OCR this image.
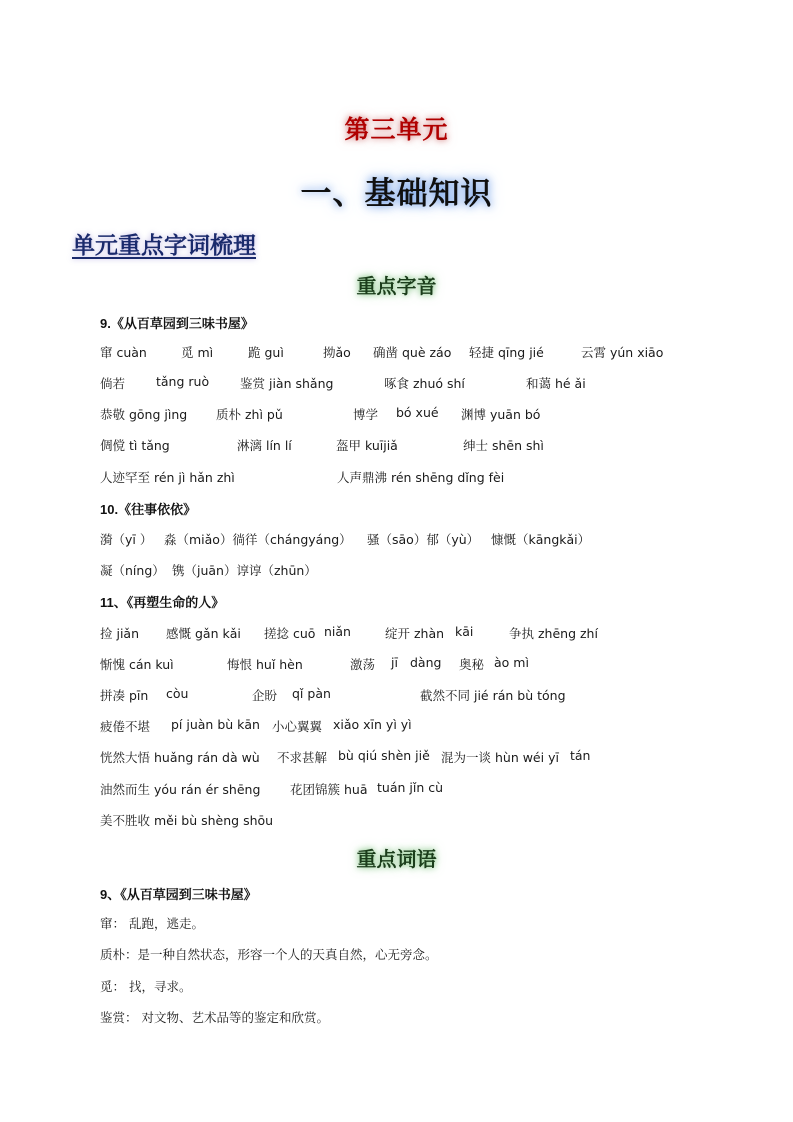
第三单元
一、基础知识
单元重点字词梳理
重点字音
9.《从百草园到三味书屋》
窜 cuàn	觅 mì	跪 guì	拗ǎo 确凿 què záo 轻捷 qīng jié	云霄 yún xiāo
倘若 tǎng ruò 鉴赏 jiàn shǎng	啄食 zhuó shí	和蔼 hé ǎi
恭敬 gōng jìng 质朴 zhì pǔ	博学 bó xué 渊博 yuān bó
倜傥 tì tǎng	淋漓 lín lí	盔甲 kuījiǎ	绅士 shēn shì
人迹罕至 rén jì hǎn zhì	人声鼎沸 rén shēng dǐng fèi
10.《往事依依》
漪（yī ） 淼（miǎo）徜徉（chángyáng） 骚（sāo）郁（yù） 慷慨（kāngkǎi）
凝（níng） 镌（juān）谆谆（zhūn）
11、《再塑生命的人》
捡 jiǎn 感慨 gǎn kǎi 搓捻 cuō niǎn	绽开 zhàn kāi	争执 zhēng zhí
惭愧 cán kuì	悔恨 huǐ hèn	激荡 jī dàng 奥秘 ào mì
拼凑 pīn còu	企盼 qǐ pàn	截然不同 jié rán bù tóng
疲倦不堪 pí juàn bù kān 小心翼翼 xiǎo xīn yì yì
恍然大悟 huǎng rán dà wù 不求甚解 bù qiú shèn jiě 混为一谈 hùn wéi yī tán
油然而生 yóu rán ér shēng 花团锦簇 huā tuán jǐn cù
美不胜收 měi bù shèng shōu
重点词语
9、《从百草园到三味书屋》
窜： 乱跑，逃走。
质朴：是一种自然状态，形容一个人的天真自然，心无旁念。
觅： 找，寻求。
鉴赏： 对文物、艺术品等的鉴定和欣赏。
